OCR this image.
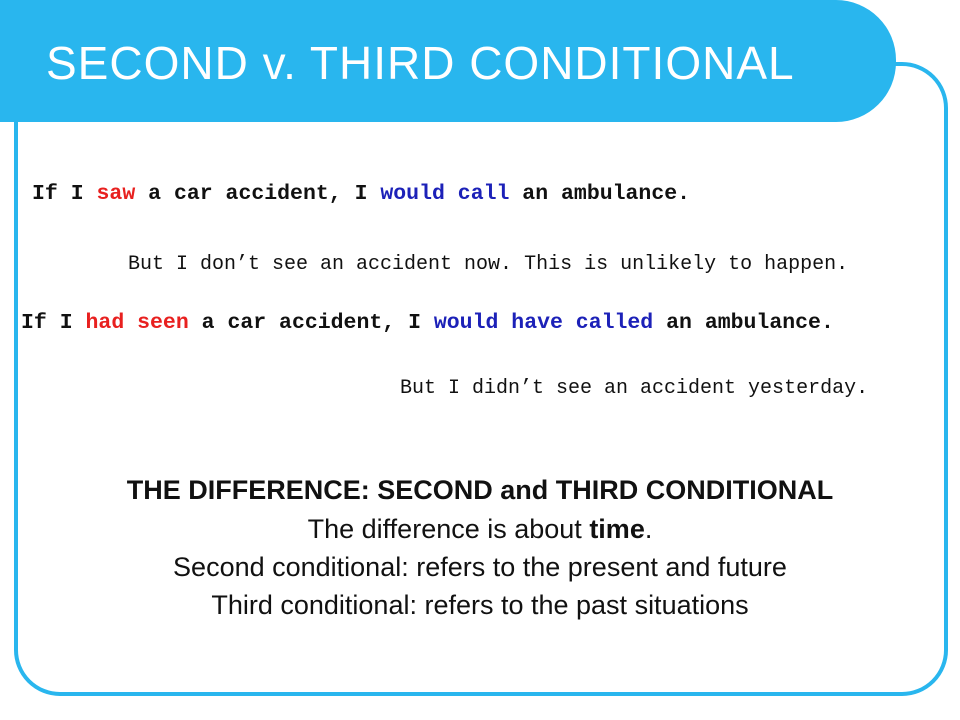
SECOND v. THIRD CONDITIONAL

If I saw a car accident, I would call an ambulance.

But I don’t see an accident now. This is unlikely to happen.

If I had seen a car accident, I would have called an ambulance.

But I didn’t see an accident yesterday.

THE DIFFERENCE: SECOND and THIRD CONDITIONAL

The difference is about time.

Second conditional: refers to the present and future

Third conditional: refers to the past situations
